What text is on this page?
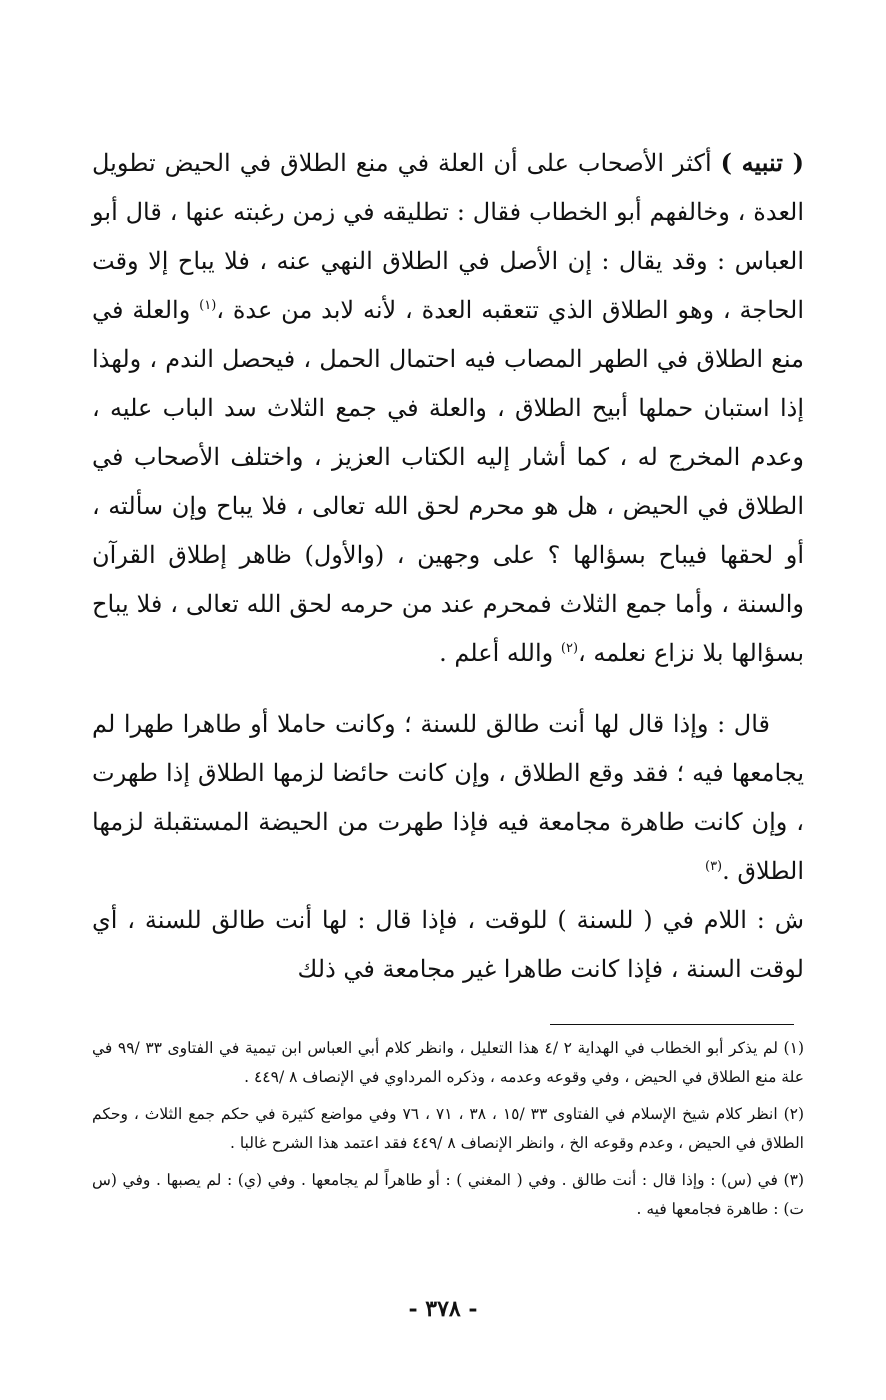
( تنبيه ) أكثر الأصحاب على أن العلة في منع الطلاق في الحيض تطويل العدة ، وخالفهم أبو الخطاب فقال : تطليقه في زمن رغبته عنها ، قال أبو العباس : وقد يقال : إن الأصل في الطلاق النهي عنه ، فلا يباح إلا وقت الحاجة ، وهو الطلاق الذي تتعقبه العدة ، لأنه لابد من عدة ،$^{(١)}$ والعلة في منع الطلاق في الطهر المصاب فيه احتمال الحمل ، فيحصل الندم ، ولهذا إذا استبان حملها أبيح الطلاق ، والعلة في جمع الثلاث سد الباب عليه ، وعدم المخرج له ، كما أشار إليه الكتاب العزيز ، واختلف الأصحاب في الطلاق في الحيض ، هل هو محرم لحق الله تعالى ، فلا يباح وإن سألته ، أو لحقها فيباح بسؤالها ؟ على وجهين ، (والأول) ظاهر إطلاق القرآن والسنة ، وأما جمع الثلاث فمحرم عند من حرمه لحق الله تعالى ، فلا يباح بسؤالها بلا نزاع نعلمه ،$^{(٢)}$ والله أعلم .

قال : وإذا قال لها أنت طالق للسنة ؛ وكانت حاملا أو طاهرا طهرا لم يجامعها فيه ؛ فقد وقع الطلاق ، وإن كانت حائضا لزمها الطلاق إذا طهرت ، وإن كانت طاهرة مجامعة فيه فإذا طهرت من الحيضة المستقبلة لزمها الطلاق .$^{(٣)}$

ش : اللام في ( للسنة ) للوقت ، فإذا قال : لها أنت طالق للسنة ، أي لوقت السنة ، فإذا كانت طاهرا غير مجامعة في ذلك

(١) لم يذكر أبو الخطاب في الهداية ٢ /٤ هذا التعليل ، وانظر كلام أبي العباس ابن تيمية في الفتاوى ٣٣ /٩٩ في علة منع الطلاق في الحيض ، وفي وقوعه وعدمه ، وذكره المرداوي في الإنصاف ٨ /٤٤٩ .

(٢) انظر كلام شيخ الإسلام في الفتاوى ٣٣ /١٥ ، ٣٨ ، ٧١ ، ٧٦ وفي مواضع كثيرة في حكم جمع الثلاث ، وحكم الطلاق في الحيض ، وعدم وقوعه الخ ، وانظر الإنصاف ٨ /٤٤٩ فقد اعتمد هذا الشرح غالبا .

(٣) في (س) : وإذا قال : أنت طالق . وفي ( المغني ) : أو طاهراً لم يجامعها . وفي (ي) : لم يصبها . وفي (س ت) : طاهرة فجامعها فيه .

- ٣٧٨ -
